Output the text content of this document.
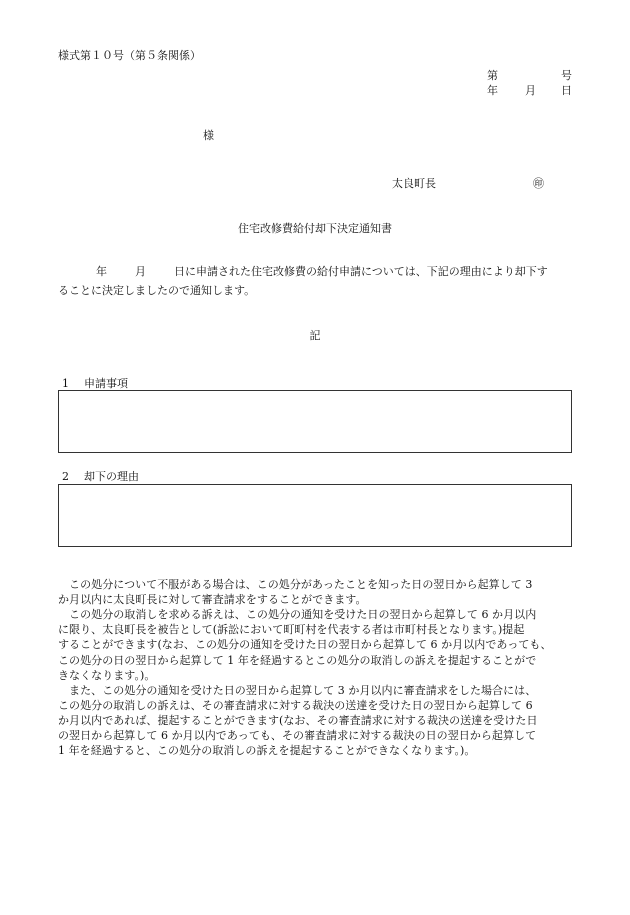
様式第１０号（第５条関係）
第	号
年 月 日
様
太良町長	㊞
住宅改修費給付却下決定通知書
年	月	日に申請された住宅改修費の給付申請については、下記の理由により却下す
ることに決定しましたので通知します。
記
1 申請事項
2 却下の理由
　この処分について不服がある場合は、この処分があったことを知った日の翌日から起算して 3
か月以内に太良町長に対して審査請求をすることができます。
　この処分の取消しを求める訴えは、この処分の通知を受けた日の翌日から起算して 6 か月以内
に限り、太良町長を被告として(訴訟において町町村を代表する者は市町村長となります。)提起
することができます(なお、この処分の通知を受けた日の翌日から起算して 6 か月以内であっても、
この処分の日の翌日から起算して 1 年を経過するとこの処分の取消しの訴えを提起することがで
きなくなります。)。
　また、この処分の通知を受けた日の翌日から起算して 3 か月以内に審査請求をした場合には、
この処分の取消しの訴えは、その審査請求に対する裁決の送達を受けた日の翌日から起算して 6
か月以内であれば、提起することができます(なお、その審査請求に対する裁決の送達を受けた日
の翌日から起算して 6 か月以内であっても、その審査請求に対する裁決の日の翌日から起算して
1 年を経過すると、この処分の取消しの訴えを提起することができなくなります。)。
